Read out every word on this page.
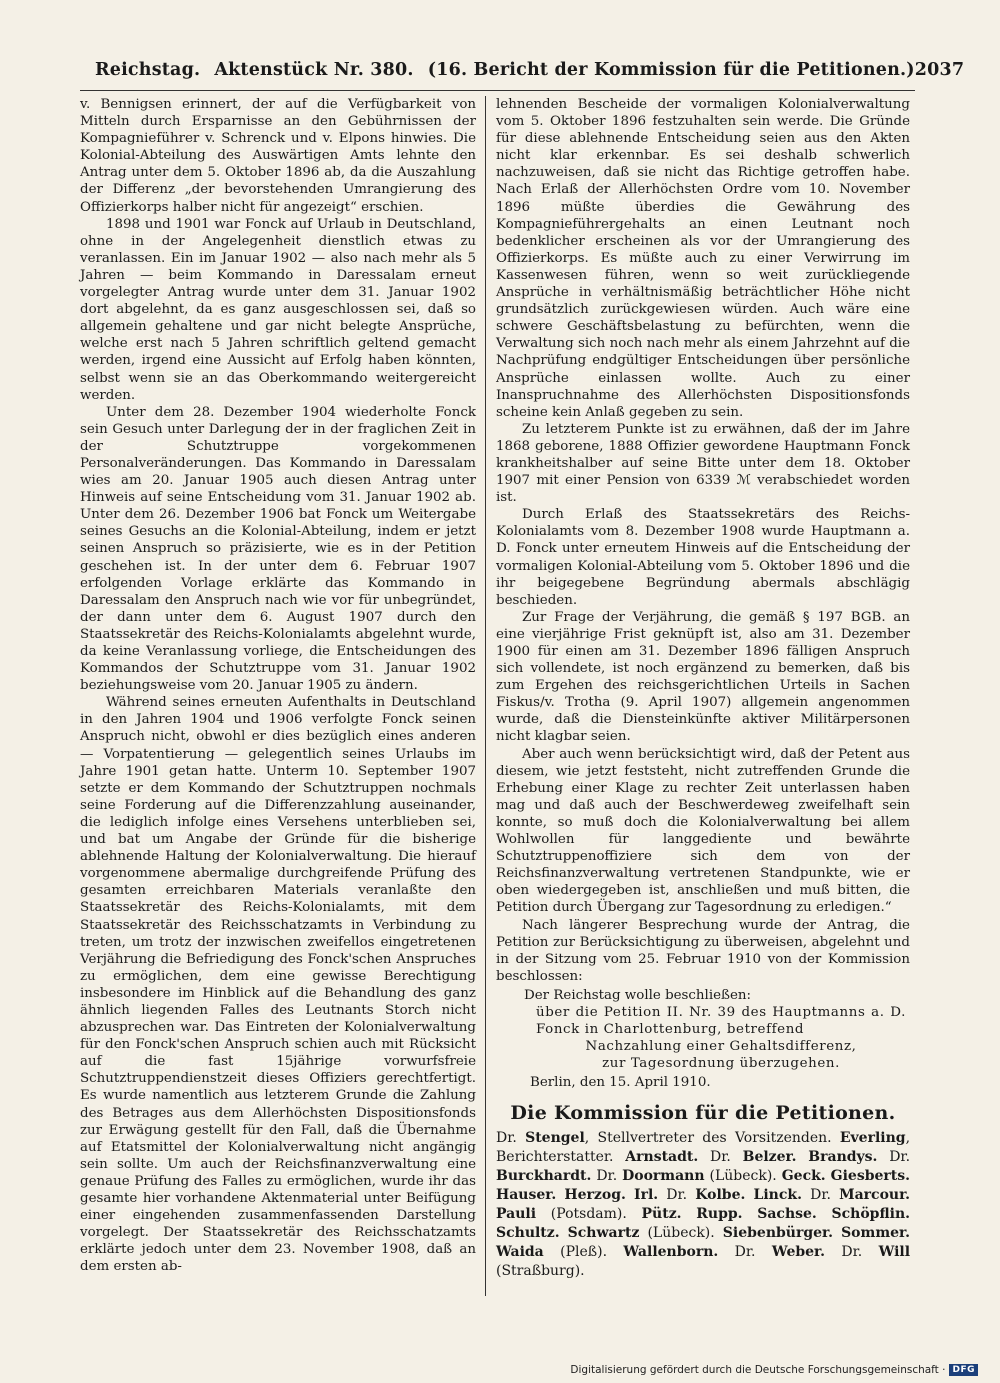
Reichstag. Aktenstück Nr. 380. (16. Bericht der Kommission für die Petitionen.) 2037

v. Bennigsen erinnert, der auf die Verfügbarkeit von Mitteln durch Ersparnisse an den Gebührnissen der Kompagnieführer v. Schrenck und v. Elpons hinwies. Die Kolonial-Abteilung des Auswärtigen Amts lehnte den Antrag unter dem 5. Oktober 1896 ab, da die Auszahlung der Differenz „der bevorstehenden Umrangierung des Offizierkorps halber nicht für angezeigt“ erschien.

1898 und 1901 war Fonck auf Urlaub in Deutschland, ohne in der Angelegenheit dienstlich etwas zu veranlassen. Ein im Januar 1902 — also nach mehr als 5 Jahren — beim Kommando in Daressalam erneut vorgelegter Antrag wurde unter dem 31. Januar 1902 dort abgelehnt, da es ganz ausgeschlossen sei, daß so allgemein gehaltene und gar nicht belegte Ansprüche, welche erst nach 5 Jahren schriftlich geltend gemacht werden, irgend eine Aussicht auf Erfolg haben könnten, selbst wenn sie an das Oberkommando weitergereicht werden.

Unter dem 28. Dezember 1904 wiederholte Fonck sein Gesuch unter Darlegung der in der fraglichen Zeit in der Schutztruppe vorgekommenen Personalveränderungen. Das Kommando in Daressalam wies am 20. Januar 1905 auch diesen Antrag unter Hinweis auf seine Entscheidung vom 31. Januar 1902 ab. Unter dem 26. Dezember 1906 bat Fonck um Weitergabe seines Gesuchs an die Kolonial-Abteilung, indem er jetzt seinen Anspruch so präzisierte, wie es in der Petition geschehen ist. In der unter dem 6. Februar 1907 erfolgenden Vorlage erklärte das Kommando in Daressalam den Anspruch nach wie vor für unbegründet, der dann unter dem 6. August 1907 durch den Staatssekretär des Reichs-Kolonialamts abgelehnt wurde, da keine Veranlassung vorliege, die Entscheidungen des Kommandos der Schutztruppe vom 31. Januar 1902 beziehungsweise vom 20. Januar 1905 zu ändern.

Während seines erneuten Aufenthalts in Deutschland in den Jahren 1904 und 1906 verfolgte Fonck seinen Anspruch nicht, obwohl er dies bezüglich eines anderen — Vorpatentierung — gelegentlich seines Urlaubs im Jahre 1901 getan hatte. Unterm 10. September 1907 setzte er dem Kommando der Schutztruppen nochmals seine Forderung auf die Differenzzahlung auseinander, die lediglich infolge eines Versehens unterblieben sei, und bat um Angabe der Gründe für die bisherige ablehnende Haltung der Kolonialverwaltung. Die hierauf vorgenommene abermalige durchgreifende Prüfung des gesamten erreichbaren Materials veranlaßte den Staatssekretär des Reichs-Kolonialamts, mit dem Staatssekretär des Reichsschatzamts in Verbindung zu treten, um trotz der inzwischen zweifellos eingetretenen Verjährung die Befriedigung des Fonck'schen Anspruches zu ermöglichen, dem eine gewisse Berechtigung insbesondere im Hinblick auf die Behandlung des ganz ähnlich liegenden Falles des Leutnants Storch nicht abzusprechen war. Das Eintreten der Kolonialverwaltung für den Fonck'schen Anspruch schien auch mit Rücksicht auf die fast 15jährige vorwurfsfreie Schutztruppendienstzeit dieses Offiziers gerechtfertigt. Es wurde namentlich aus letzterem Grunde die Zahlung des Betrages aus dem Allerhöchsten Dispositionsfonds zur Erwägung gestellt für den Fall, daß die Übernahme auf Etatsmittel der Kolonialverwaltung nicht angängig sein sollte. Um auch der Reichsfinanzverwaltung eine genaue Prüfung des Falles zu ermöglichen, wurde ihr das gesamte hier vorhandene Aktenmaterial unter Beifügung einer eingehenden zusammenfassenden Darstellung vorgelegt. Der Staatssekretär des Reichsschatzamts erklärte jedoch unter dem 23. November 1908, daß an dem ersten ab-

lehnenden Bescheide der vormaligen Kolonialverwaltung vom 5. Oktober 1896 festzuhalten sein werde. Die Gründe für diese ablehnende Entscheidung seien aus den Akten nicht klar erkennbar. Es sei deshalb schwerlich nachzuweisen, daß sie nicht das Richtige getroffen habe. Nach Erlaß der Allerhöchsten Ordre vom 10. November 1896 müßte überdies die Gewährung des Kompagnieführergehalts an einen Leutnant noch bedenklicher erscheinen als vor der Umrangierung des Offizierkorps. Es müßte auch zu einer Verwirrung im Kassenwesen führen, wenn so weit zurückliegende Ansprüche in verhältnismäßig beträchtlicher Höhe nicht grundsätzlich zurückgewiesen würden. Auch wäre eine schwere Geschäftsbelastung zu befürchten, wenn die Verwaltung sich noch nach mehr als einem Jahrzehnt auf die Nachprüfung endgültiger Entscheidungen über persönliche Ansprüche einlassen wollte. Auch zu einer Inanspruchnahme des Allerhöchsten Dispositionsfonds scheine kein Anlaß gegeben zu sein.

Zu letzterem Punkte ist zu erwähnen, daß der im Jahre 1868 geborene, 1888 Offizier gewordene Hauptmann Fonck krankheitshalber auf seine Bitte unter dem 18. Oktober 1907 mit einer Pension von 6339 ℳ verabschiedet worden ist.

Durch Erlaß des Staatssekretärs des Reichs-Kolonialamts vom 8. Dezember 1908 wurde Hauptmann a. D. Fonck unter erneutem Hinweis auf die Entscheidung der vormaligen Kolonial-Abteilung vom 5. Oktober 1896 und die ihr beigegebene Begründung abermals abschlägig beschieden.

Zur Frage der Verjährung, die gemäß § 197 BGB. an eine vierjährige Frist geknüpft ist, also am 31. Dezember 1900 für einen am 31. Dezember 1896 fälligen Anspruch sich vollendete, ist noch ergänzend zu bemerken, daß bis zum Ergehen des reichsgerichtlichen Urteils in Sachen Fiskus/v. Trotha (9. April 1907) allgemein angenommen wurde, daß die Diensteinkünfte aktiver Militärpersonen nicht klagbar seien.

Aber auch wenn berücksichtigt wird, daß der Petent aus diesem, wie jetzt feststeht, nicht zutreffenden Grunde die Erhebung einer Klage zu rechter Zeit unterlassen haben mag und daß auch der Beschwerdeweg zweifelhaft sein konnte, so muß doch die Kolonialverwaltung bei allem Wohlwollen für langgediente und bewährte Schutztruppenoffiziere sich dem von der Reichsfinanzverwaltung vertretenen Standpunkte, wie er oben wiedergegeben ist, anschließen und muß bitten, die Petition durch Übergang zur Tagesordnung zu erledigen.“

Nach längerer Besprechung wurde der Antrag, die Petition zur Berücksichtigung zu überweisen, abgelehnt und in der Sitzung vom 25. Februar 1910 von der Kommission beschlossen:

Der Reichstag wolle beschließen:
über die Petition II. Nr. 39 des Hauptmanns a. D. Fonck in Charlottenburg, betreffend
Nachzahlung einer Gehaltsdifferenz,
zur Tagesordnung überzugehen.
Berlin, den 15. April 1910.
Die Kommission für die Petitionen.
Dr. Stengel, Stellvertreter des Vorsitzenden. Everling, Berichterstatter. Arnstadt. Dr. Belzer. Brandys. Dr. Burckhardt. Dr. Doormann (Lübeck). Geck. Giesberts. Hauser. Herzog. Irl. Dr. Kolbe. Linck. Dr. Marcour. Pauli (Potsdam). Pütz. Rupp. Sachse. Schöpflin. Schultz. Schwartz (Lübeck). Siebenbürger. Sommer. Waida (Pleß). Wallenborn. Dr. Weber. Dr. Will (Straßburg).
Digitalisierung gefördert durch die Deutsche Forschungsgemeinschaft · DFG
